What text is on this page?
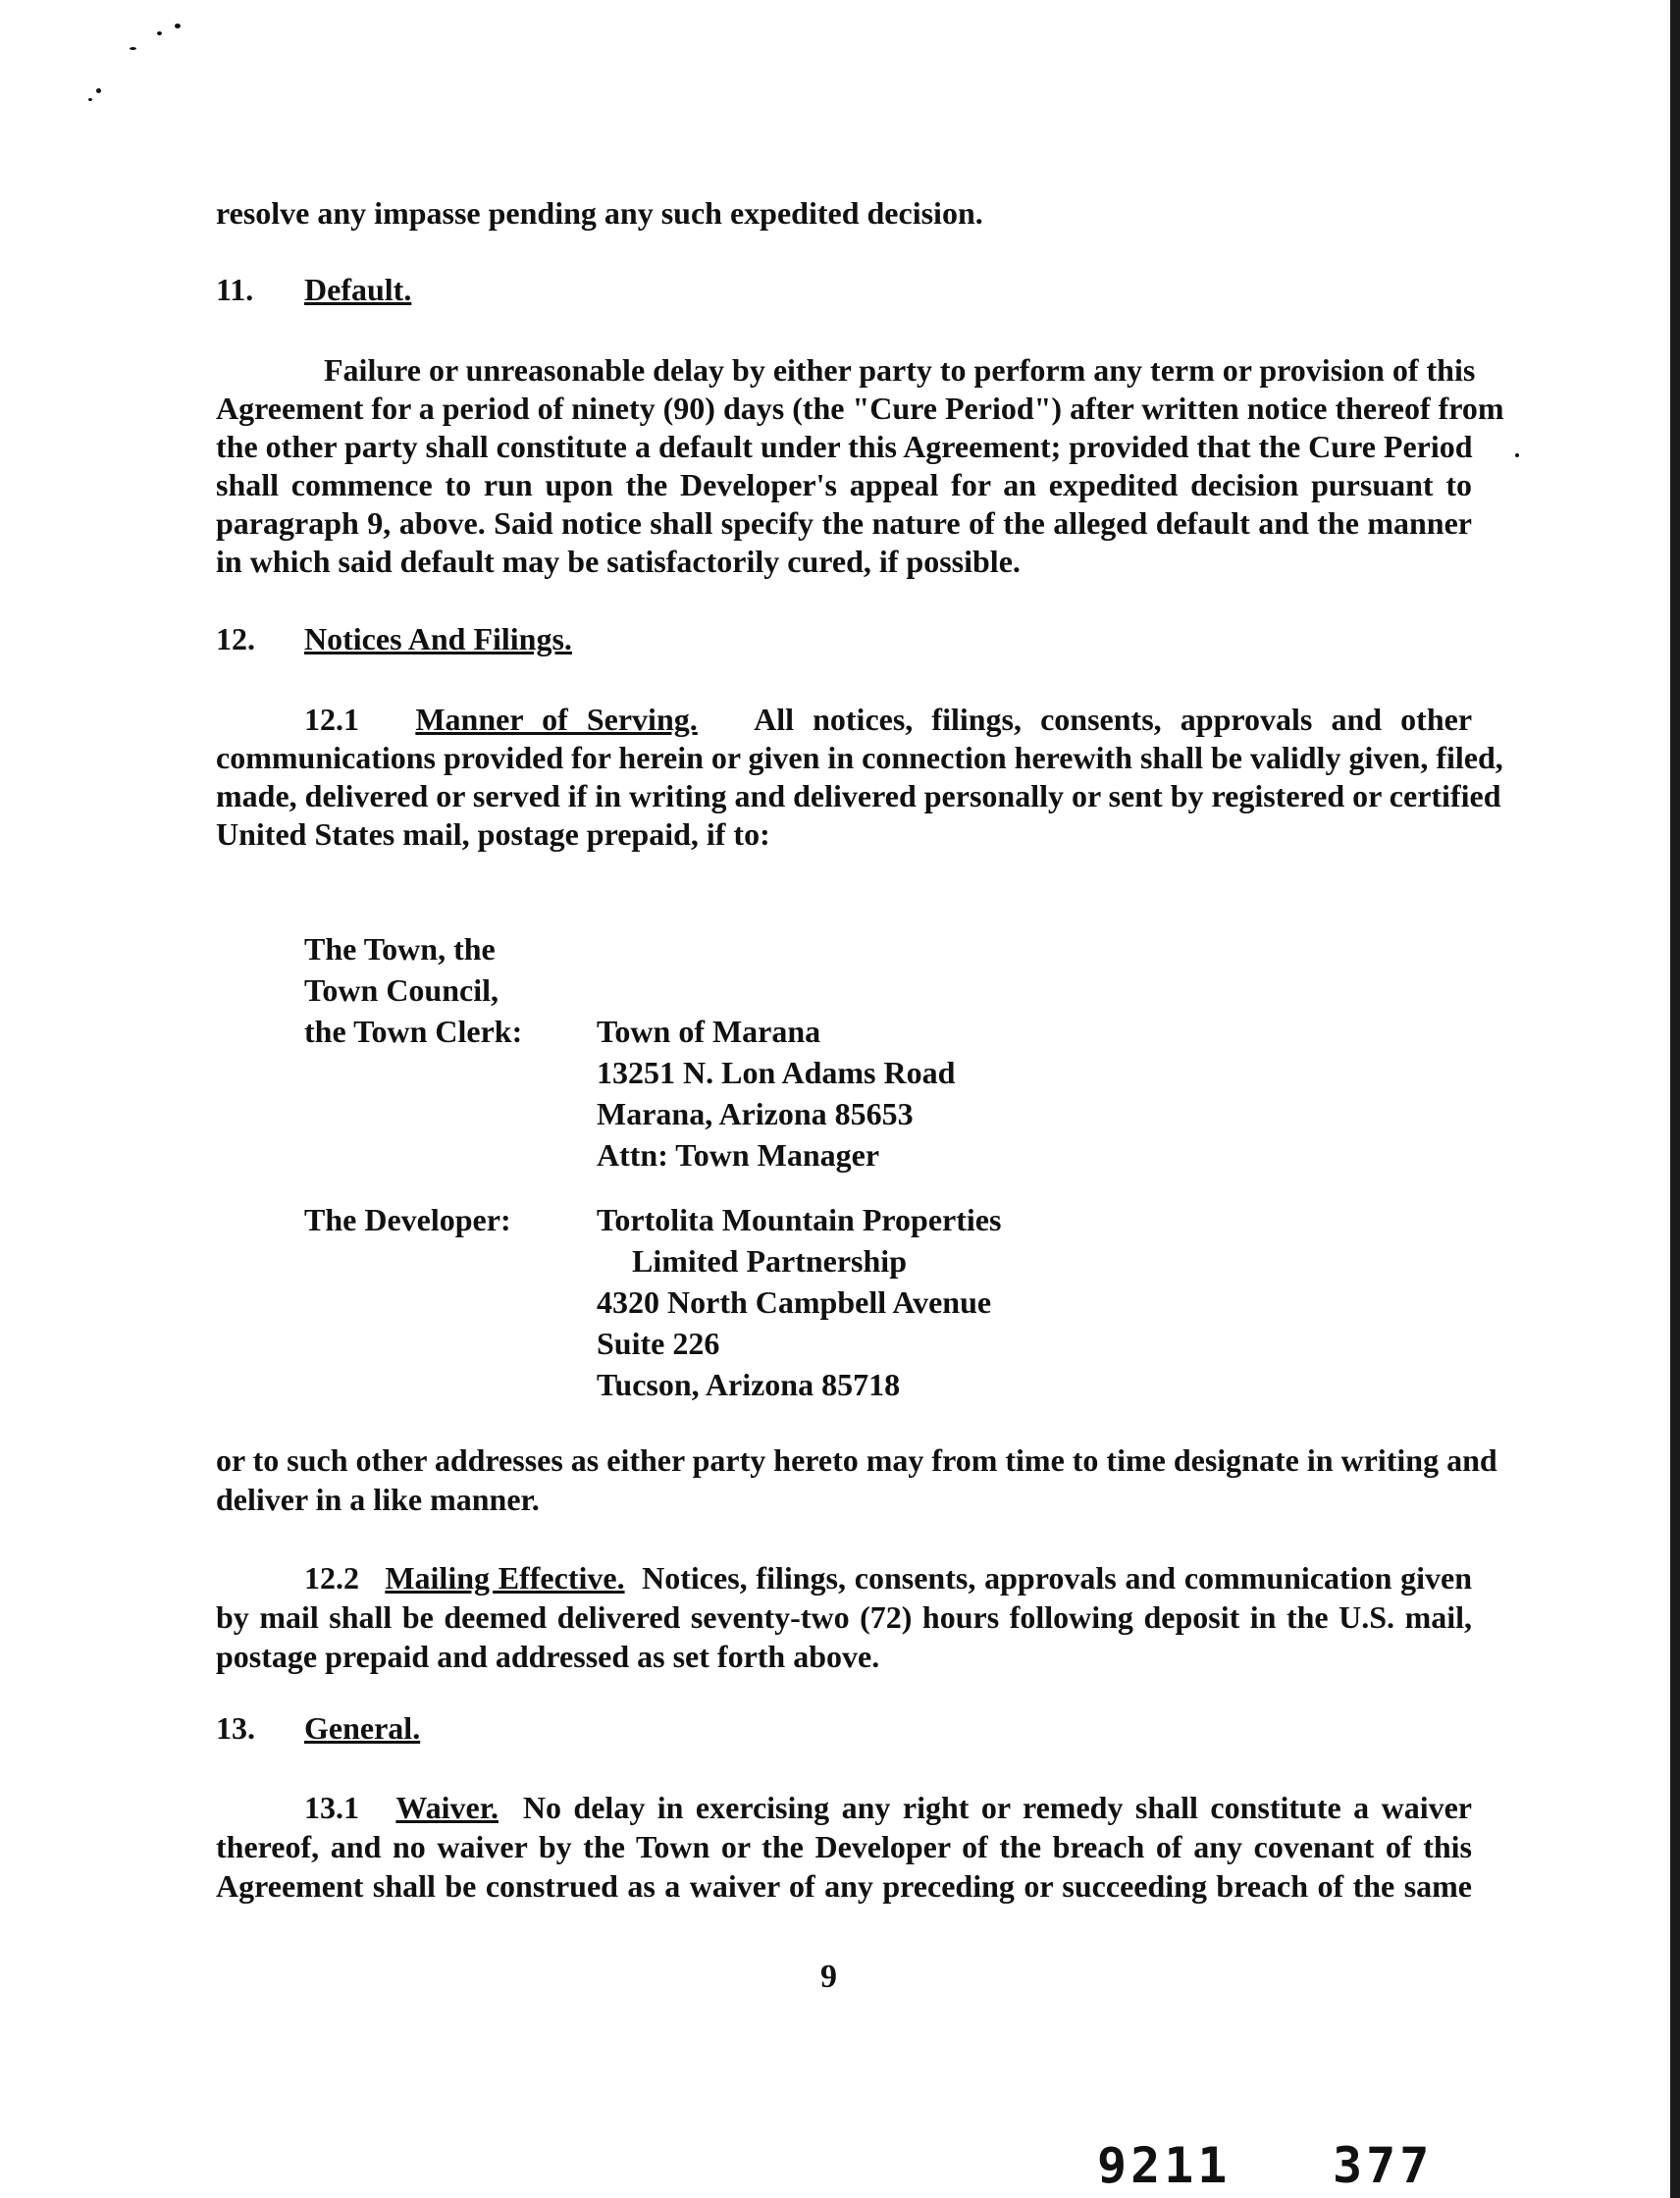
resolve any impasse pending any such expedited decision.
11. Default.
Failure or unreasonable delay by either party to perform any term or provision of this
Agreement for a period of ninety (90) days (the "Cure Period") after written notice thereof from
the other party shall constitute a default under this Agreement; provided that the Cure Period
shall commence to run upon the Developer's appeal for an expedited decision pursuant to
paragraph 9, above. Said notice shall specify the nature of the alleged default and the manner
in which said default may be satisfactorily cured, if possible.
12. Notices And Filings.
12.1 Manner of Serving. All notices, filings, consents, approvals and other
communications provided for herein or given in connection herewith shall be validly given, filed,
made, delivered or served if in writing and delivered personally or sent by registered or certified
United States mail, postage prepaid, if to:
The Town, the
Town Council,
the Town Clerk: Town of Marana
13251 N. Lon Adams Road
Marana, Arizona 85653
Attn: Town Manager
The Developer:	Tortolita Mountain Properties
Limited Partnership
4320 North Campbell Avenue
Suite 226
Tucson, Arizona 85718
or to such other addresses as either party hereto may from time to time designate in writing and
deliver in a like manner.
12.2 Mailing Effective. Notices, filings, consents, approvals and communication given
by mail shall be deemed delivered seventy-two (72) hours following deposit in the U.S. mail,
postage prepaid and addressed as set forth above.
13. General.
13.1 Waiver. No delay in exercising any right or remedy shall constitute a waiver
thereof, and no waiver by the Town or the Developer of the breach of any covenant of this
Agreement shall be construed as a waiver of any preceding or succeeding breach of the same
9
9211 377
